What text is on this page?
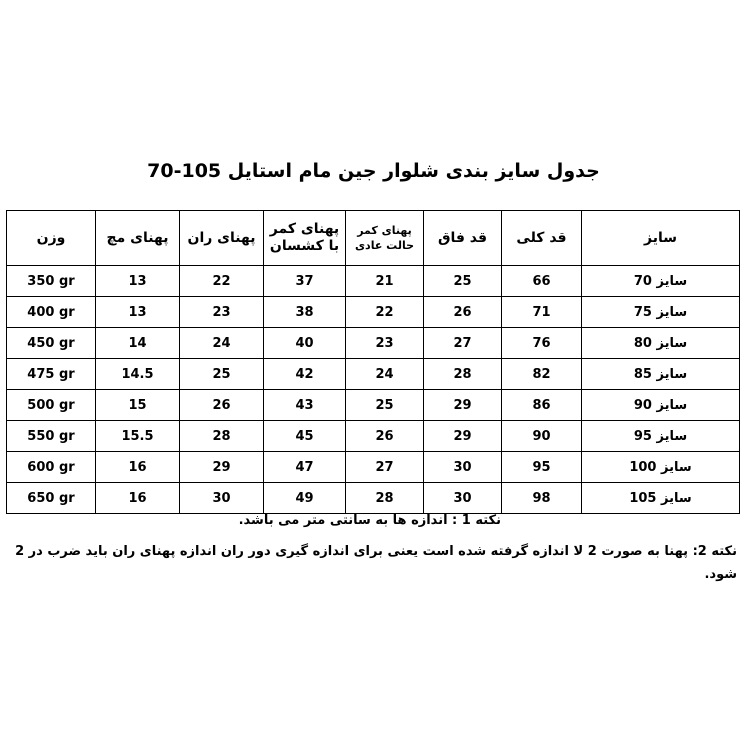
جدول سایز بندی شلوار جین مام استایل 105-70
سایز	قد کلی	قد فاق	پهنای کمر حالت عادی	پهنای کمر با کشسان	پهنای ران	پهنای مچ	وزن
سایز 70	66	25	21	37	22	13	350 gr
سایز 75	71	26	22	38	23	13	400 gr
سایز 80	76	27	23	40	24	14	450 gr
سایز 85	82	28	24	42	25	14.5	475 gr
سایز 90	86	29	25	43	26	15	500 gr
سایز 95	90	29	26	45	28	15.5	550 gr
سایز 100	95	30	27	47	29	16	600 gr
سایز 105	98	30	28	49	30	16	650 gr
نکته 1 : اندازه ها به سانتی متر می باشد.
نکته 2: پهنا به صورت 2 لا اندازه گرفته شده است یعنی برای اندازه گیری دور ران اندازه پهنای ران باید ضرب در 2 شود.
